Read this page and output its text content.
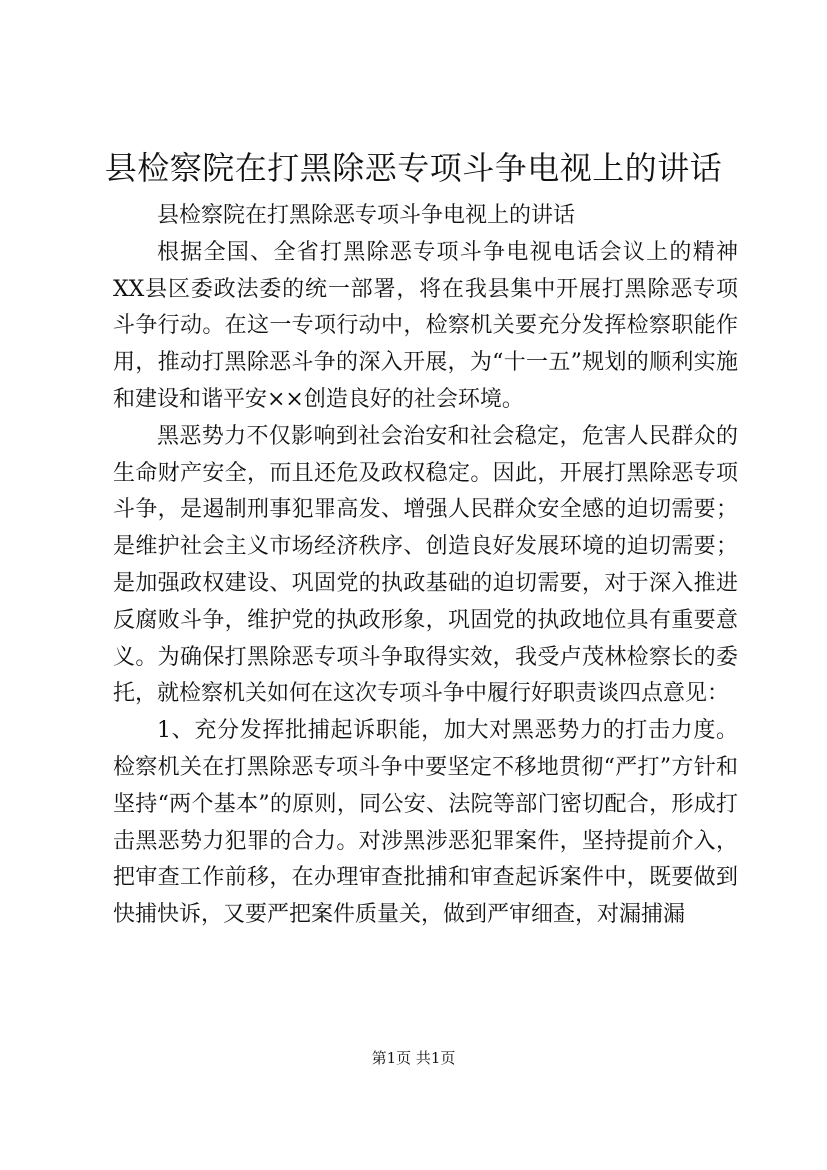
县检察院在打黑除恶专项斗争电视上的讲话

县检察院在打黑除恶专项斗争电视上的讲话

根据全国、全省打黑除恶专项斗争电视电话会议上的精神XX县区委政法委的统一部署，将在我县集中开展打黑除恶专项斗争行动。在这一专项行动中，检察机关要充分发挥检察职能作用，推动打黑除恶斗争的深入开展，为“十一五”规划的顺利实施和建设和谐平安××创造良好的社会环境。

黑恶势力不仅影响到社会治安和社会稳定，危害人民群众的生命财产安全，而且还危及政权稳定。因此，开展打黑除恶专项斗争，是遏制刑事犯罪高发、增强人民群众安全感的迫切需要；是维护社会主义市场经济秩序、创造良好发展环境的迫切需要；是加强政权建设、巩固党的执政基础的迫切需要，对于深入推进反腐败斗争，维护党的执政形象，巩固党的执政地位具有重要意义。为确保打黑除恶专项斗争取得实效，我受卢茂林检察长的委托，就检察机关如何在这次专项斗争中履行好职责谈四点意见：

1、充分发挥批捕起诉职能，加大对黑恶势力的打击力度。检察机关在打黑除恶专项斗争中要坚定不移地贯彻“严打”方针和坚持“两个基本”的原则，同公安、法院等部门密切配合，形成打击黑恶势力犯罪的合力。对涉黑涉恶犯罪案件，坚持提前介入，把审查工作前移，在办理审查批捕和审查起诉案件中，既要做到快捕快诉，又要严把案件质量关，做到严审细查，对漏捕漏

第1页 共1页
